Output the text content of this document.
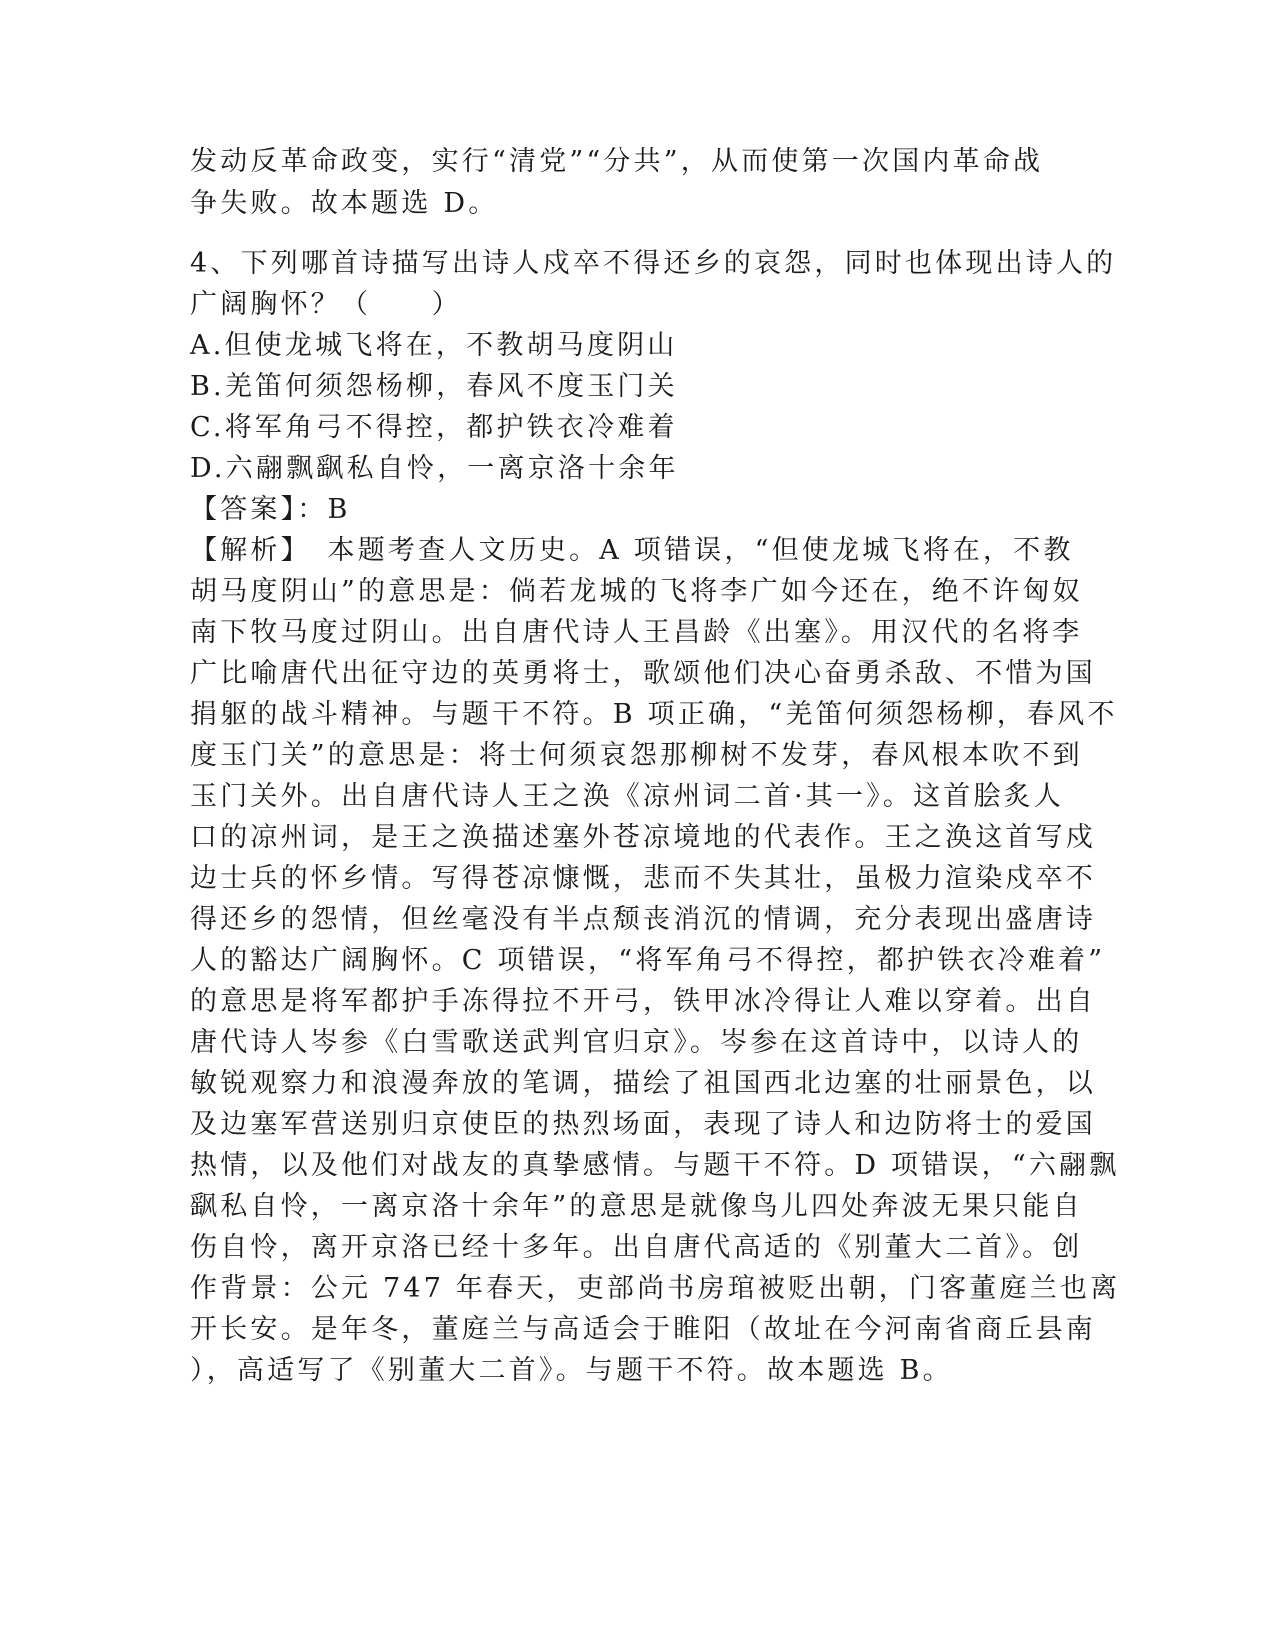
发动反革命政变，实行“清党”“分共”，从而使第一次国内革命战
争失败。故本题选 D。
4、下列哪首诗描写出诗人戍卒不得还乡的哀怨，同时也体现出诗人的
广阔胸怀？（　　）
A.但使龙城飞将在，不教胡马度阴山
B.羌笛何须怨杨柳，春风不度玉门关
C.将军角弓不得控，都护铁衣冷难着
D.六翮飘飖私自怜，一离京洛十余年
【答案】：B
【解析】　本题考查人文历史。A 项错误，“但使龙城飞将在，不教
胡马度阴山”的意思是：倘若龙城的飞将李广如今还在，绝不许匈奴
南下牧马度过阴山。出自唐代诗人王昌龄《出塞》。用汉代的名将李
广比喻唐代出征守边的英勇将士，歌颂他们决心奋勇杀敌、不惜为国
捐躯的战斗精神。与题干不符。B 项正确，“羌笛何须怨杨柳，春风不
度玉门关”的意思是：将士何须哀怨那柳树不发芽，春风根本吹不到
玉门关外。出自唐代诗人王之涣《凉州词二首·其一》。这首脍炙人
口的凉州词，是王之涣描述塞外苍凉境地的代表作。王之涣这首写戍
边士兵的怀乡情。写得苍凉慷慨，悲而不失其壮，虽极力渲染戍卒不
得还乡的怨情，但丝毫没有半点颓丧消沉的情调，充分表现出盛唐诗
人的豁达广阔胸怀。C 项错误，“将军角弓不得控，都护铁衣冷难着”
的意思是将军都护手冻得拉不开弓，铁甲冰冷得让人难以穿着。出自
唐代诗人岑参《白雪歌送武判官归京》。岑参在这首诗中，以诗人的
敏锐观察力和浪漫奔放的笔调，描绘了祖国西北边塞的壮丽景色，以
及边塞军营送别归京使臣的热烈场面，表现了诗人和边防将士的爱国
热情，以及他们对战友的真挚感情。与题干不符。D 项错误，“六翮飘
飖私自怜，一离京洛十余年”的意思是就像鸟儿四处奔波无果只能自
伤自怜，离开京洛已经十多年。出自唐代高适的《别董大二首》。创
作背景：公元 747 年春天，吏部尚书房琯被贬出朝，门客董庭兰也离
开长安。是年冬，董庭兰与高适会于睢阳（故址在今河南省商丘县南
），高适写了《别董大二首》。与题干不符。故本题选 B。
